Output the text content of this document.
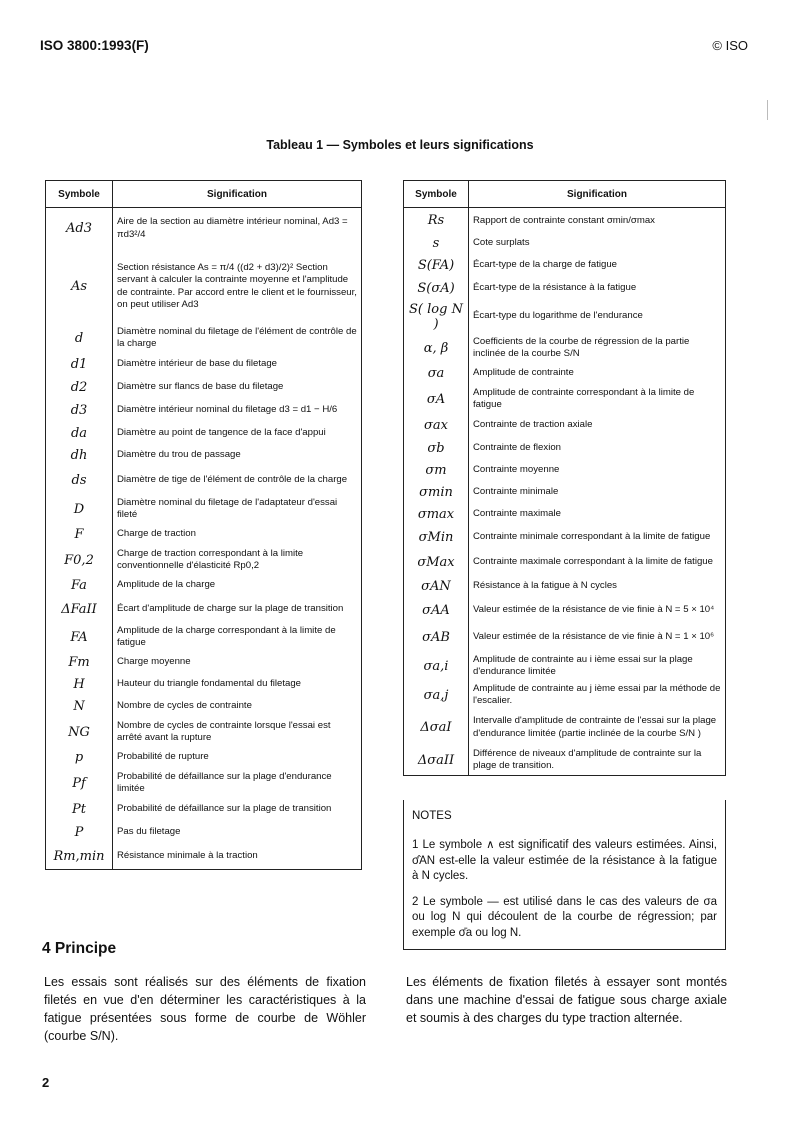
ISO 3800:1993(F)	© ISO
Tableau 1 — Symboles et leurs significations
Symbole	Signification
Ad3	Aire de la section au diamètre intérieur nominal, Ad3 = πd3²/4
As	Section résistance As = π/4 ((d2 + d3)/2)² Section servant à calculer la contrainte moyenne et l'amplitude de contrainte. Par accord entre le client et le fournisseur, on peut utiliser Ad3
d	Diamètre nominal du filetage de l'élément de contrôle de la charge
d1	Diamètre intérieur de base du filetage
d2	Diamètre sur flancs de base du filetage
d3	Diamètre intérieur nominal du filetage d3 = d1 − H/6
da	Diamètre au point de tangence de la face d'appui
dh	Diamètre du trou de passage
ds	Diamètre de tige de l'élément de contrôle de la charge
D	Diamètre nominal du filetage de l'adaptateur d'essai fileté
F	Charge de traction
F0,2	Charge de traction correspondant à la limite conventionnelle d'élasticité Rp0,2
Fa	Amplitude de la charge
ΔFaII	Écart d'amplitude de charge sur la plage de transition
FA	Amplitude de la charge correspondant à la limite de fatigue
Fm	Charge moyenne
H	Hauteur du triangle fondamental du filetage
N	Nombre de cycles de contrainte
NG	Nombre de cycles de contrainte lorsque l'essai est arrêté avant la rupture
p	Probabilité de rupture
Pf	Probabilité de défaillance sur la plage d'endurance limitée
Pt	Probabilité de défaillance sur la plage de transition
P	Pas du filetage
Rm,min	Résistance minimale à la traction
Symbole	Signification
Rs	Rapport de contrainte constant σmin/σmax
s	Cote surplats
S(FA)	Écart-type de la charge de fatigue
S(σA)	Écart-type de la résistance à la fatigue
S( log N )	Écart-type du logarithme de l'endurance
α, β	Coefficients de la courbe de régression de la partie inclinée de la courbe S/N
σa	Amplitude de contrainte
σA	Amplitude de contrainte correspondant à la limite de fatigue
σax	Contrainte de traction axiale
σb	Contrainte de flexion
σm	Contrainte moyenne
σmin	Contrainte minimale
σmax	Contrainte maximale
σMin	Contrainte minimale correspondant à la limite de fatigue
σMax	Contrainte maximale correspondant à la limite de fatigue
σAN	Résistance à la fatigue à N cycles
σAA	Valeur estimée de la résistance de vie finie à N = 5 × 10⁴
σAB	Valeur estimée de la résistance de vie finie à N = 1 × 10⁶
σa,i	Amplitude de contrainte au i ième essai sur la plage d'endurance limitée
σa,j	Amplitude de contrainte au j ième essai par la méthode de l'escalier.
ΔσaI	Intervalle d'amplitude de contrainte de l'essai sur la plage d'endurance limitée (partie inclinée de la courbe S/N )
ΔσaII	Différence de niveaux d'amplitude de contrainte sur la plage de transition.
NOTES
1 Le symbole ∧ est significatif des valeurs estimées. Ainsi, σ̂AN est-elle la valeur estimée de la résistance à la fatigue à N cycles.
2 Le symbole — est utilisé dans le cas des valeurs de σa ou log N qui découlent de la courbe de régression; par exemple σ̄a ou log N.
4 Principe
Les essais sont réalisés sur des éléments de fixation filetés en vue d'en déterminer les caractéristiques à la fatigue présentées sous forme de courbe de Wöhler (courbe S/N).
Les éléments de fixation filetés à essayer sont montés dans une machine d'essai de fatigue sous charge axiale et soumis à des charges du type traction alternée.
2
